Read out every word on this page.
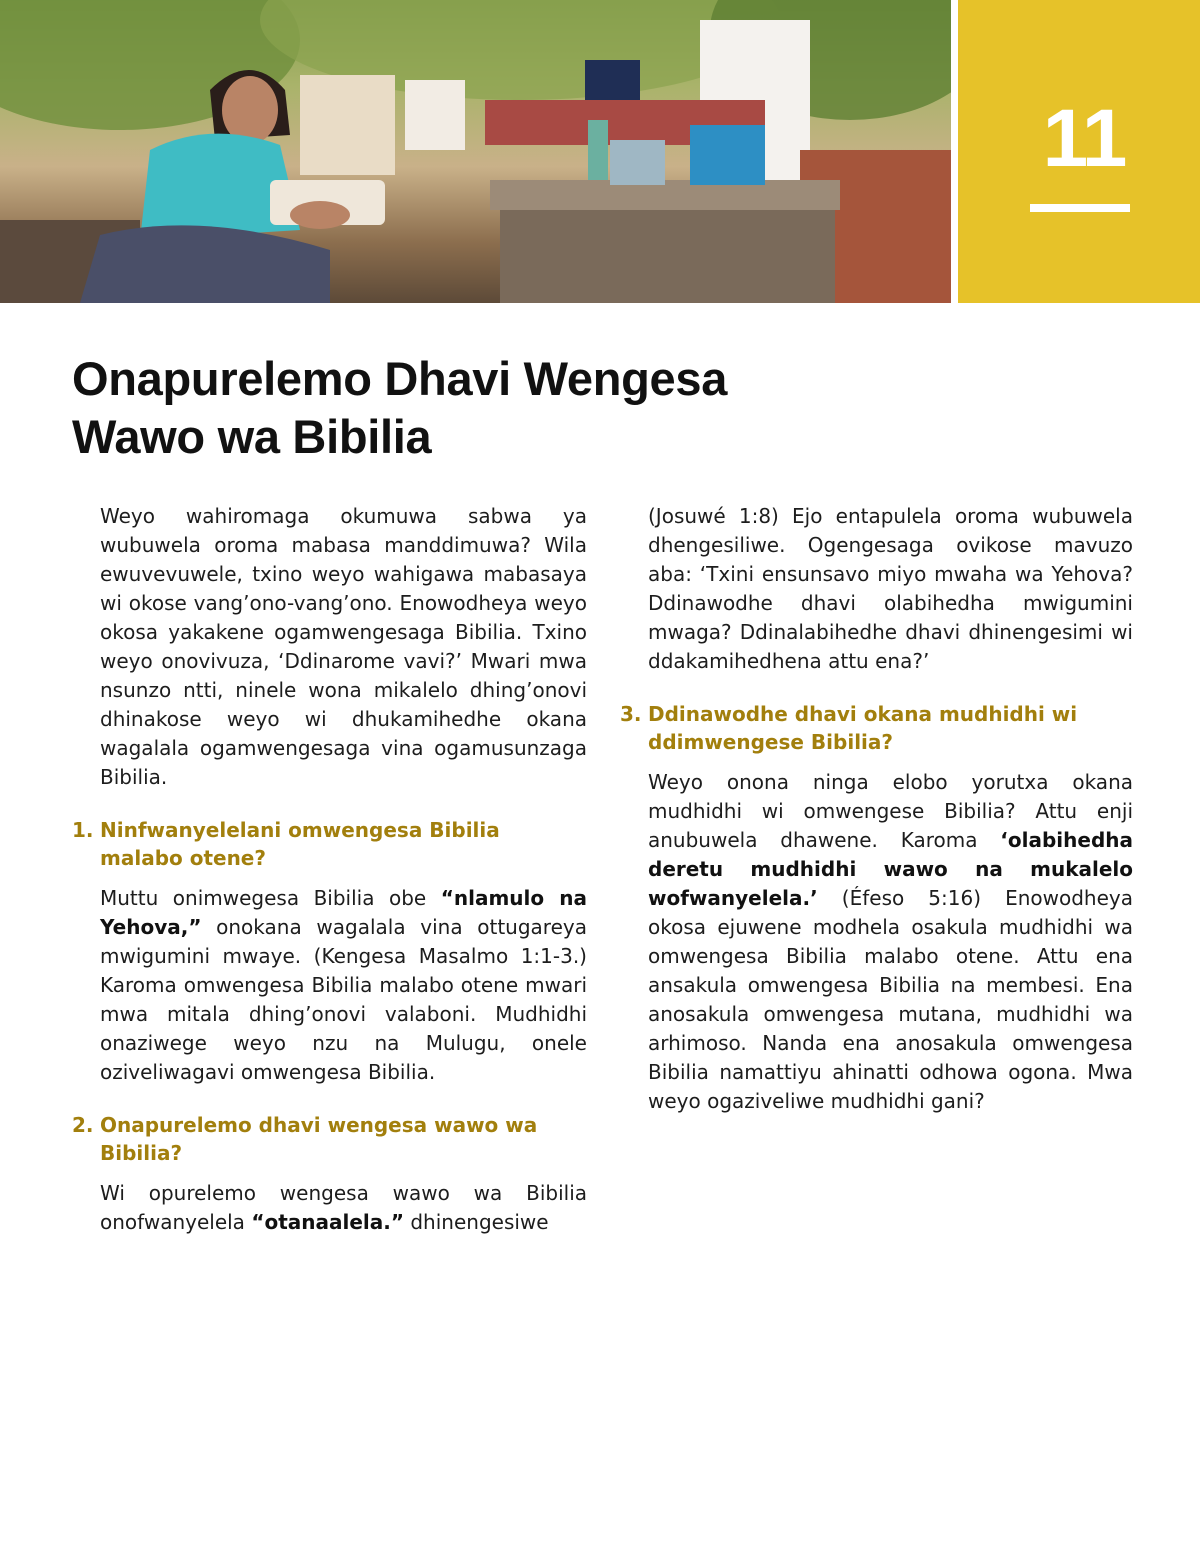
11
Onapurelemo Dhavi Wengesa
Wawo wa Bibilia

Weyo wahiromaga okumuwa sabwa ya wubuwela oroma mabasa manddimuwa? Wila ewuvevuwele, txino weyo wahigawa mabasaya wi okose vang’ono-vang’ono. Enowodheya weyo okosa yakakene ogamwengesaga Bibilia. Txino weyo onovivuza, ‘Ddinarome vavi?’ Mwari mwa nsunzo ntti, ninele wona mikalelo dhing’onovi dhinakose weyo wi dhukamihedhe okana wagalala ogamwengesaga vina ogamusunzaga Bibilia.

1. Ninfwanyelelani omwengesa Bibilia malabo otene?

Muttu onimwegesa Bibilia obe “nlamulo na Yehova,” onokana wagalala vina ottugareya mwigumini mwaye. (Kengesa Masalmo 1:1-3.) Karoma omwengesa Bibilia malabo otene mwari mwa mitala dhing’onovi valaboni. Mudhidhi onaziwege weyo nzu na Mulugu, onele oziveliwagavi omwengesa Bibilia.

2. Onapurelemo dhavi wengesa wawo wa Bibilia?

Wi opurelemo wengesa wawo wa Bibilia onofwanyelela “otanaalela.” dhinengesiwe

(Josuwé 1:8) Ejo entapulela oroma wubuwela dhengesiliwe. Ogengesaga ovikose mavuzo aba: ‘Txini ensunsavo miyo mwaha wa Yehova? Ddinawodhe dhavi olabihedha mwigumini mwaga? Ddinalabihedhe dhavi dhinengesimi wi ddakamihedhena attu ena?’

3. Ddinawodhe dhavi okana mudhidhi wi ddimwengese Bibilia?

Weyo onona ninga elobo yorutxa okana mudhidhi wi omwengese Bibilia? Attu enji anubuwela dhawene. Karoma ‘olabihedha deretu mudhidhi wawo na mukalelo wofwanyelela.’ (Éfeso 5:16) Enowodheya okosa ejuwene modhela osakula mudhidhi wa omwengesa Bibilia malabo otene. Attu ena ansakula omwengesa Bibilia na membesi. Ena anosakula omwengesa mutana, mudhidhi wa arhimoso. Nanda ena anosakula omwengesa Bibilia namattiyu ahinatti odhowa ogona. Mwa weyo ogaziveliwe mudhidhi gani?
